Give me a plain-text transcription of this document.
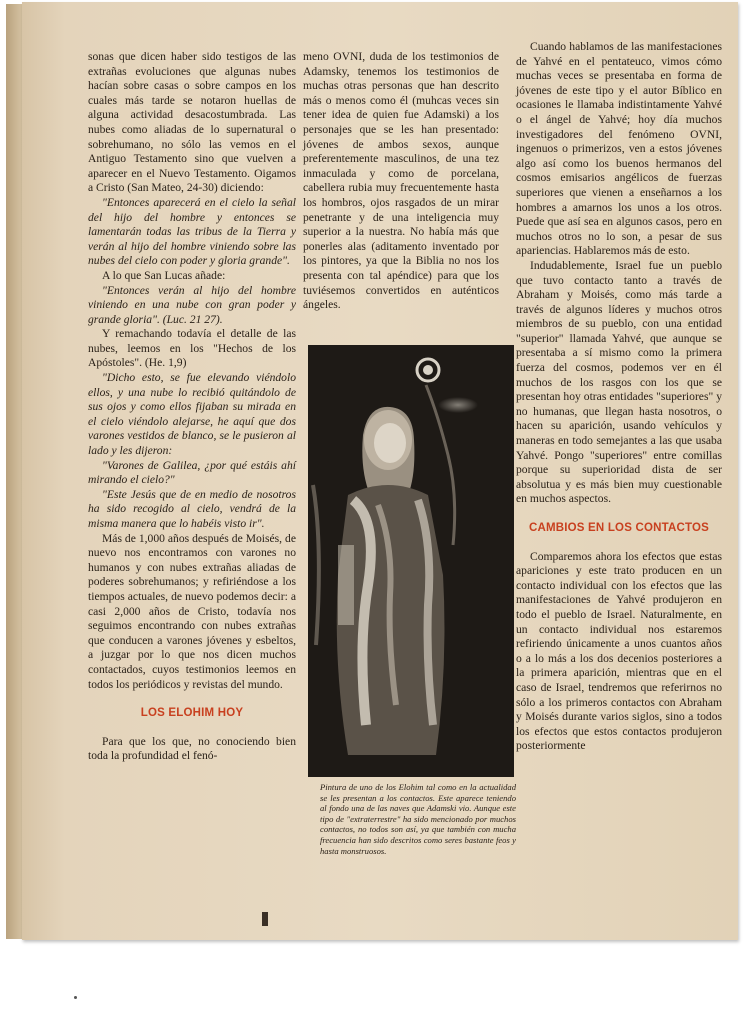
sonas que dicen haber sido testigos de las extrañas evoluciones que algunas nubes hacían sobre casas o sobre campos en los cuales más tarde se notaron huellas de alguna actividad desacostumbrada. Las nubes como aliadas de lo supernatural o sobrehumano, no sólo las vemos en el Antiguo Testamento sino que vuelven a aparecer en el Nuevo Testamento. Oigamos a Cristo (San Mateo, 24-30) diciendo:

"Entonces aparecerá en el cielo la señal del hijo del hombre y entonces se lamentarán todas las tribus de la Tierra y verán al hijo del hombre viniendo sobre las nubes del cielo con poder y gloria grande".

A lo que San Lucas añade:

"Entonces verán al hijo del hombre viniendo en una nube con gran poder y grande gloria". (Luc. 21 27).

Y remachando todavía el detalle de las nubes, leemos en los "Hechos de los Apóstoles". (He. 1,9)

"Dicho esto, se fue elevando viéndolo ellos, y una nube lo recibió quitándolo de sus ojos y como ellos fijaban su mirada en el cielo viéndolo alejarse, he aquí que dos varones vestidos de blanco, se le pusieron al lado y les dijeron:

"Varones de Galilea, ¿por qué estáis ahí mirando el cielo?"

"Este Jesús que de en medio de nosotros ha sido recogido al cielo, vendrá de la misma manera que lo habéis visto ir".

Más de 1,000 años después de Moisés, de nuevo nos encontramos con varones no humanos y con nubes extrañas aliadas de poderes sobrehumanos; y refiriéndose a los tiempos actuales, de nuevo podemos decir: a casi 2,000 años de Cristo, todavía nos seguimos encontrando con nubes extrañas que conducen a varones jóvenes y esbeltos, a juzgar por lo que nos dicen muchos contactados, cuyos testimonios leemos en todos los periódicos y revistas del mundo.

LOS ELOHIM HOY

Para que los que, no conociendo bien toda la profundidad el fenó-

meno OVNI, duda de los testimonios de Adamsky, tenemos los testimonios de muchas otras personas que han descrito más o menos como él (muhcas veces sin tener idea de quien fue Adamski) a los personajes que se les han presentado: jóvenes de ambos sexos, aunque preferentemente masculinos, de una tez inmaculada y como de porcelana, cabellera rubia muy frecuentemente hasta los hombros, ojos rasgados de un mirar penetrante y de una inteligencia muy superior a la nuestra. No había más que ponerles alas (aditamento inventado por los pintores, ya que la Biblia no nos los presenta con tal apéndice) para que los tuviésemos convertidos en auténticos ángeles.

Pintura de uno de los Elohim tal como en la actualidad se les presentan a los contactos. Este aparece teniendo al fondo una de las naves que Adamski vio. Aunque este tipo de "extraterrestre" ha sido mencionado por muchos contactos, no todos son así, ya que también con mucha frecuencia han sido descritos como seres bastante feos y hasta monstruosos.

Cuando hablamos de las manifestaciones de Yahvé en el pentateuco, vimos cómo muchas veces se presentaba en forma de jóvenes de este tipo y el autor Bíblico en ocasiones le llamaba indistintamente Yahvé o el ángel de Yahvé; hoy día muchos investigadores del fenómeno OVNI, ingenuos o primerizos, ven a estos jóvenes algo así como los buenos hermanos del cosmos emisarios angélicos de fuerzas superiores que vienen a enseñarnos a los hombres a amarnos los unos a los otros. Puede que así sea en algunos casos, pero en muchos otros no lo son, a pesar de sus apariencias. Hablaremos más de esto.

Indudablemente, Israel fue un pueblo que tuvo contacto tanto a través de Abraham y Moisés, como más tarde a través de algunos líderes y muchos otros miembros de su pueblo, con una entidad "superior" llamada Yahvé, que aunque se presentaba a sí mismo como la primera fuerza del cosmos, podemos ver en él muchos de los rasgos con los que se presentan hoy otras entidades "superiores" y no humanas, que llegan hasta nosotros, o hacen su aparición, usando vehículos y maneras en todo semejantes a las que usaba Yahvé. Pongo "superiores" entre comillas porque su superioridad dista de ser absolutua y es más bien muy cuestionable en muchos aspectos.

CAMBIOS EN LOS CONTACTOS

Comparemos ahora los efectos que estas apariciones y este trato producen en un contacto individual con los efectos que las manifestaciones de Yahvé produjeron en todo el pueblo de Israel. Naturalmente, en un contacto individual nos estaremos refiriendo únicamente a unos cuantos años o a lo más a los dos decenios posteriores a la primera aparición, mientras que en el caso de Israel, tendremos que referirnos no sólo a los primeros contactos con Abraham y Moisés durante varios siglos, sino a todos los efectos que estos contactos produjeron posteriormente
